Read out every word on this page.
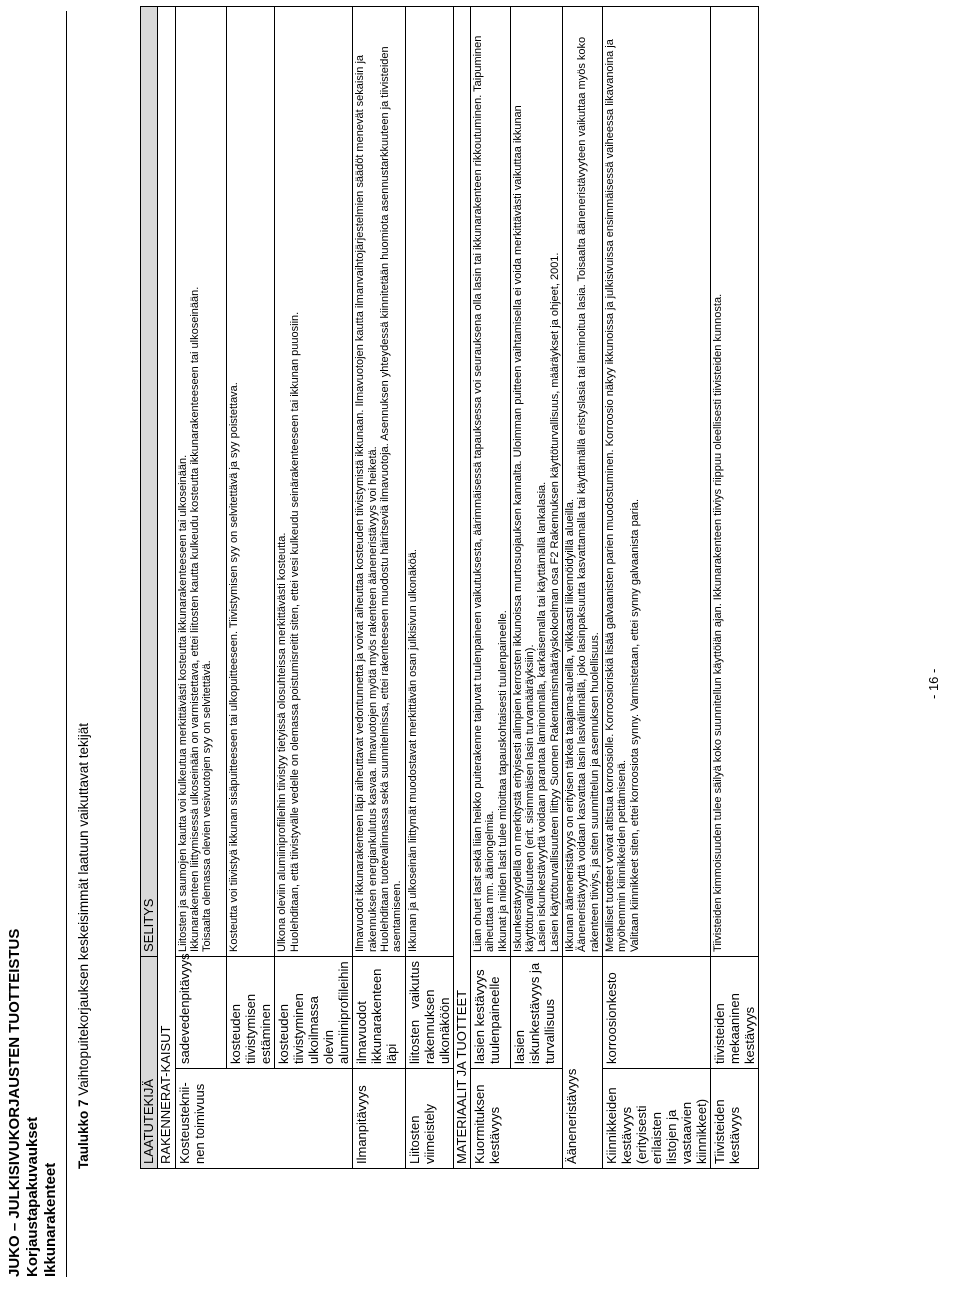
JUKO – JULKISIVUKORJAUSTEN TUOTTEISTUS Korjaustapakuvaukset Ikkunarakenteet
Taulukko 7 Vaihtopuitekorjauksen keskeisimmät laatuun vaikuttavat tekijät
LAATUTEKIJÄ		SELITYS
RAKENNERAT-KAISUT		
Kosteustekniinen toimivuus	sadevedenpitävyys	Liitosten ja saumojen kautta voi kulkeutua merkittävästi kosteutta ikkunarakenteeseen tai ulkoseinään. Ikkunarakenteen liittymisessä ulkoseinään on varmistettava, ettei liitosten kautta kulkeudu kosteutta ikkunarakenteeseen tai ulkoseinään. Toisaalta olemassa olevien vesivuotojen syy on selvitettävä.

	kosteuden tiivistymisen estäminen	Kosteutta voi tiivistyä ikkunan sisäpuitteeseen tai ulkopuitteeseen. Tiivistymisen syy on selvitettävä ja syy poistettava.
	kosteuden tiivistyminen ulkoilmassa olevin alumiiniprofiileihin	Ulkona oleviin alumiiniprofiileihin tiivistyy tietyissä olosuhteissa merkittävästi kosteutta. Huolehditaan, että tiivistyvälle vedelle on olemassa poistumisreitit siten, ettei vesi kulkeudu seinärakenteeseen tai ikkunan puuosiin.

Ilmanpitävyys	ilmavuodot ikkunarakenteen läpi	Ilmavuodot ikkunarakenteen läpi aiheuttavat vedontunnetta ja voivat aiheuttaa kosteuden tiivistymistä ikkunaan. Ilmavuotojen kautta ilmanvaihtojärjestelmien säädöt menevät sekaisin ja rakennuksen energiankulutus kasvaa. Ilmavuotojen myötä myös rakenteen ääneneristävyys voi heiketä. Huolehditaan tuotevalinnassa sekä suunnitelmissa, ettei rakenteeseen muodostu häiritseviä ilmavuotoja. Asennuksen yhteydessä kiinnitetään huomiota asennustarkkuuteen ja tiivisteiden asentamiseen.

Liitosten viimeistely	liitosten vaikutus rakennuksen ulkonäköön	Ikkunan ja ulkoseinän liittymät muodostavat merkittävän osan julkisivun ulkonäköä.
MATERIAALIT JA TUOTTEET		
Kuormituksen kestävyys	lasien kestävyys tuulenpaineelle	Liian ohuet lasit sekä liian heikko puiterakenne taipuvat tuulenpaineen vaikutuksesta, äärimmäisessä tapauksessa voi seurauksena olla lasin tai ikkunarakenteen rikkoutuminen. Taipuminen aiheuttaa mm. ääniongelmia. Ikkunat ja niiden lasit tulee mitoittaa tapauskohtaisesti tuulenpaineelle.

	lasien iskunkestävyys ja turvallisuus	Iskunkestävyydellä on merkitystä erityisesti alimpien kerrosten ikkunoissa murtosuojauksen kannalta. Uloimman puitteen vaihtamisella ei voida merkittävästi vaikuttaa ikkunan käyttöturvallisuuteen (erit. sisimmäisen lasin turvamääräyksiin). Lasien iskunkestävyyttä voidaan parantaa laminoimalla, karkaisemalla tai käyttämällä lankalasia. Lasien käyttöturvallisuuteen liittyy Suomen Rakentamismääräyskokoelman osa F2 Rakennuksen käyttöturvallisuus, määräykset ja ohjeet, 2001.

Ääneneristävyys		Ikkunan ääneneristävyys on erityisen tärkeä taajama-alueilla, vilkkaasti liikennöidyillä alueilla. Ääneneristävyyttä voidaan kasvattaa lasin lasivälinnällä, joko lasinpaksuutta kasvattamalla tai käyttämällä eristyslasia tai laminoitua lasia. Toisaalta ääneneristävyyteen vaikuttaa myös koko rakenteen tiiviys, ja siten suunnittelun ja asennuksen huolellisuus.

Kiinnikkeiden kestävyys (erityisesti erilaisten listojen ja vastaavien kiinnikkeet)	korroosionkesto	Metalliset tuotteet voivat altistua korroosiolle. Korroosioriskiä lisää galvaanisten parien muodostuminen. Korroosio näkyy ikkunoissa ja julkisivuissa ensimmäisessä vaiheessa likavanoina ja myöhemmin kiinnikkeiden pettämisenä. Valitaan kiinnikkeet siten, ettei korroosiota synny. Varmistetaan, ettei synny galvaanista paria.

Tiivisteiden kestävyys	tiivisteiden mekaaninen kestävyys	Tiivisteiden kimmoisuuden tulee säilyä koko suunnitellun käyttöiän ajan. Ikkunarakenteen tiiviys riippuu oleellisesti tiivisteiden kunnosta.	- 16 -
